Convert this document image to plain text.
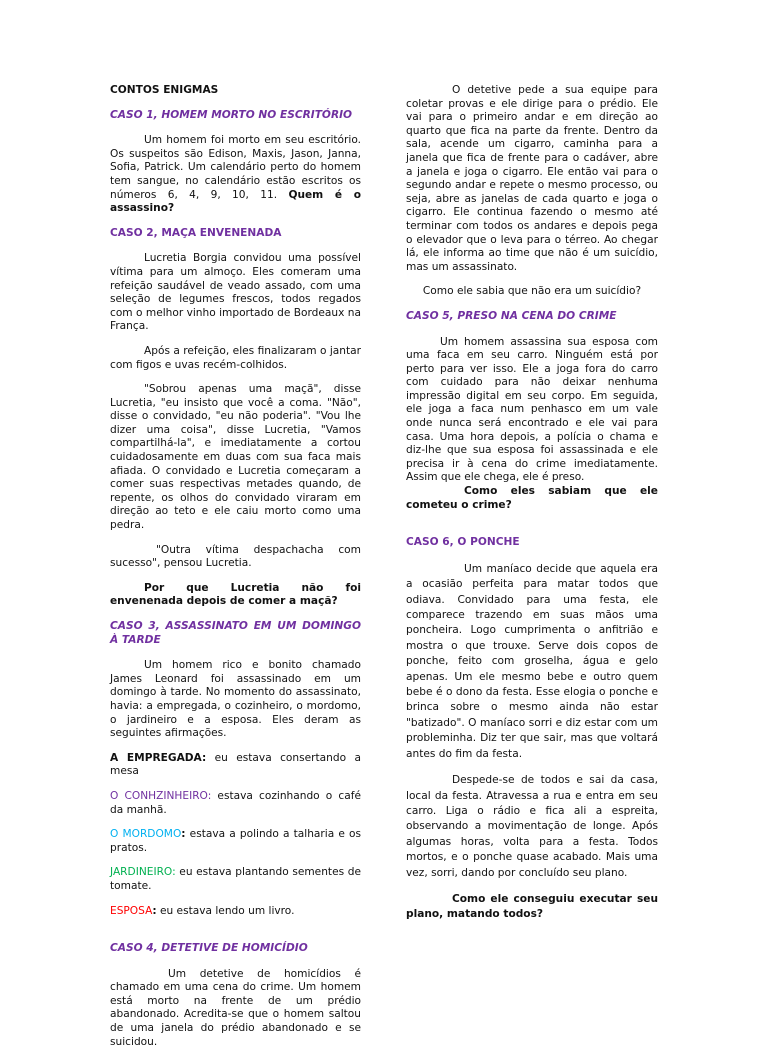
CONTOS ENIGMAS

CASO 1, HOMEM MORTO NO ESCRITÓRIO

Um homem foi morto em seu escritório. Os suspeitos são Edison, Maxis, Jason, Janna, Sofia, Patrick. Um calendário perto do homem tem sangue, no calendário estão escritos os números 6, 4, 9, 10, 11. Quem é o assassino?

CASO 2, MAÇA ENVENENADA

Lucretia Borgia convidou uma possível vítima para um almoço. Eles comeram uma refeição saudável de veado assado, com uma seleção de legumes frescos, todos regados com o melhor vinho importado de Bordeaux na França.

Após a refeição, eles finalizaram o jantar com figos e uvas recém-colhidos.

"Sobrou apenas uma maçã", disse Lucretia, "eu insisto que você a coma. "Não", disse o convidado, "eu não poderia". "Vou lhe dizer uma coisa", disse Lucretia, "Vamos compartilhá-la", e imediatamente a cortou cuidadosamente em duas com sua faca mais afiada. O convidado e Lucretia começaram a comer suas respectivas metades quando, de repente, os olhos do convidado viraram em direção ao teto e ele caiu morto como uma pedra.

"Outra vítima despachacha com sucesso", pensou Lucretia.

Por que Lucretia não foi envenenada depois de comer a maçã?

CASO 3, ASSASSINATO EM UM DOMINGO À TARDE

Um homem rico e bonito chamado James Leonard foi assassinado em um domingo à tarde. No momento do assassinato, havia: a empregada, o cozinheiro, o mordomo, o jardineiro e a esposa. Eles deram as seguintes afirmações.

A EMPREGADA: eu estava consertando a mesa

O CONHZINHEIRO: estava cozinhando o café da manhã.

O MORDOMO: estava a polindo a talharia e os pratos.

JARDINEIRO: eu estava plantando sementes de tomate.

ESPOSA: eu estava lendo um livro.

CASO 4, DETETIVE DE HOMICÍDIO

Um detetive de homicídios é chamado em uma cena do crime. Um homem está morto na frente de um prédio abandonado. Acredita-se que o homem saltou de uma janela do prédio abandonado e se suicidou.

O detetive pede a sua equipe para coletar provas e ele dirige para o prédio. Ele vai para o primeiro andar e em direção ao quarto que fica na parte da frente. Dentro da sala, acende um cigarro, caminha para a janela que fica de frente para o cadáver, abre a janela e joga o cigarro. Ele então vai para o segundo andar e repete o mesmo processo, ou seja, abre as janelas de cada quarto e joga o cigarro. Ele continua fazendo o mesmo até terminar com todos os andares e depois pega o elevador que o leva para o térreo. Ao chegar lá, ele informa ao time que não é um suicídio, mas um assassinato.

Como ele sabia que não era um suicídio?

CASO 5, PRESO NA CENA DO CRIME

Um homem assassina sua esposa com uma faca em seu carro. Ninguém está por perto para ver isso. Ele a joga fora do carro com cuidado para não deixar nenhuma impressão digital em seu corpo. Em seguida, ele joga a faca num penhasco em um vale onde nunca será encontrado e ele vai para casa. Uma hora depois, a polícia o chama e diz-lhe que sua esposa foi assassinada e ele precisa ir à cena do crime imediatamente. Assim que ele chega, ele é preso.

Como eles sabiam que ele cometeu o crime?

CASO 6, O PONCHE

Um maníaco decide que aquela era a ocasião perfeita para matar todos que odiava. Convidado para uma festa, ele comparece trazendo em suas mãos uma poncheira. Logo cumprimenta o anfitrião e mostra o que trouxe. Serve dois copos de ponche, feito com groselha, água e gelo apenas. Um ele mesmo bebe e outro quem bebe é o dono da festa. Esse elogia o ponche e brinca sobre o mesmo ainda não estar "batizado". O maníaco sorri e diz estar com um probleminha. Diz ter que sair, mas que voltará antes do fim da festa.

Despede-se de todos e sai da casa, local da festa. Atravessa a rua e entra em seu carro. Liga o rádio e fica ali a espreita, observando a movimentação de longe. Após algumas horas, volta para a festa. Todos mortos, e o ponche quase acabado. Mais uma vez, sorri, dando por concluído seu plano.

Como ele conseguiu executar seu plano, matando todos?
